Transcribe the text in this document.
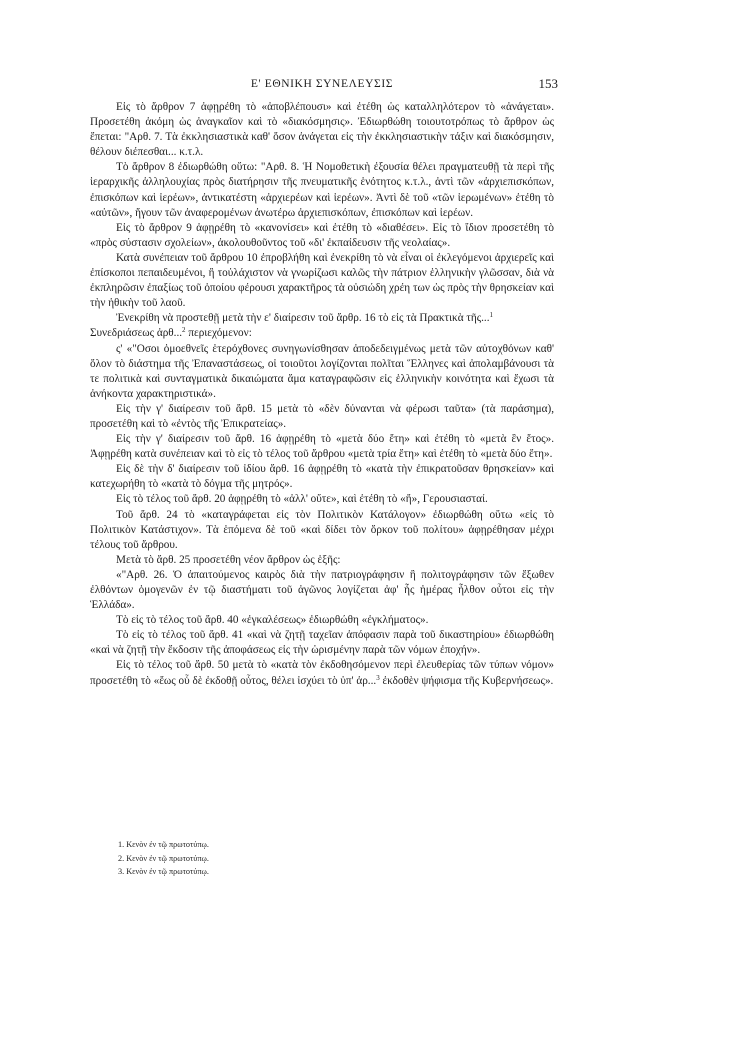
Ε' ΕΘΝΙΚΗ ΣΥΝΕΛΕΥΣΙΣ	153

Εἰς τὸ ἄρθρον 7 ἀφῃρέθη τὸ «ἀποβλέπουσι» καὶ ἐτέθη ὡς καταλληλότερον τὸ «ἀνάγεται». Προσετέθη ἀκόμη ὡς ἀναγκαῖον καὶ τὸ «διακόσμησις». Ἐδιωρθώθη τοιουτοτρόπως τὸ ἄρθρον ὡς ἕπεται: "Αρθ. 7. Τὰ ἐκκλησιαστικὰ καθ' ὅσον ἀνάγεται εἰς τὴν ἐκκλησιαστικὴν τάξιν καὶ διακόσμησιν, θέλουν διέπεσθαι... κ.τ.λ.

Τὸ ἄρθρον 8 ἐδιωρθώθη οὕτω: "Αρθ. 8. Ἡ Νομοθετικὴ ἐξουσία θέλει πραγματευθῇ τὰ περὶ τῆς ἱεραρχικῆς ἀλληλουχίας πρὸς διατήρησιν τῆς πνευματικῆς ἑνότητος κ.τ.λ., ἀντὶ τῶν «ἀρχιεπισκόπων, ἐπισκόπων καὶ ἱερέων», ἀντικατέστη «ἀρχιερέων καὶ ἱερέων». Ἀντὶ δὲ τοῦ «τῶν ἱερωμένων» ἐτέθη τὸ «αὐτῶν», ἤγουν τῶν ἀναφερομένων ἀνωτέρω ἀρχιεπισκόπων, ἐπισκόπων καὶ ἱερέων.

Εἰς τὸ ἄρθρον 9 ἀφῃρέθη τὸ «κανονίσει» καὶ ἐτέθη τὸ «διαθέσει». Εἰς τὸ ἴδιον προσετέθη τὸ «πρὸς σύστασιν σχολείων», ἀκολουθοῦντος τοῦ «δι' ἐκπαίδευσιν τῆς νεολαίας».

Κατὰ συνέπειαν τοῦ ἄρθρου 10 ἐπροβλήθη καὶ ἐνεκρίθη τὸ νὰ εἶναι οἱ ἐκλεγόμενοι ἀρχιερεῖς καὶ ἐπίσκοποι πεπαιδευμένοι, ἢ τοὐλάχιστον νὰ γνωρίζωσι καλῶς τὴν πάτριον ἑλληνικὴν γλῶσσαν, διὰ νὰ ἐκπληρῶσιν ἐπαξίως τοῦ ὁποίου φέρουσι χαρακτῆρος τὰ οὐσιώδη χρέη των ὡς πρὸς τὴν θρησκείαν καὶ τὴν ἠθικὴν τοῦ λαοῦ.

Ἐνεκρίθη νὰ προστεθῇ μετὰ τὴν ε' διαίρεσιν τοῦ ἄρθρ. 16 τὸ εἰς τὰ Πρακτικὰ τῆς...$^1$
Συνεδριάσεως ἀρθ...$^2$ περιεχόμενον:

ς' «"Οσοι ὁμοεθνεῖς ἑτερόχθονες συνηγωνίσθησαν ἀποδεδειγμένως μετὰ τῶν αὐτοχθόνων καθ' ὅλον τὸ διάστημα τῆς Ἐπαναστάσεως, οἱ τοιοῦτοι λογίζονται πολῖται Ἕλληνες καὶ ἀπολαμβάνουσι τὰ τε πολιτικὰ καὶ συνταγματικὰ δικαιώματα ἅμα καταγραφῶσιν εἰς ἑλληνικὴν κοινότητα καὶ ἔχωσι τὰ ἀνήκοντα χαρακτηριστικά».

Εἰς τὴν γ' διαίρεσιν τοῦ ἄρθ. 15 μετὰ τὸ «δὲν δύνανται νὰ φέρωσι ταῦτα» (τὰ παράσημα), προσετέθη καὶ τὸ «ἐντὸς τῆς Ἐπικρατείας».

Εἰς τὴν γ' διαίρεσιν τοῦ ἄρθ. 16 ἀφῃρέθη τὸ «μετὰ δύο ἔτη» καὶ ἐτέθη τὸ «μετὰ ἓν ἔτος». Ἀφῃρέθη κατὰ συνέπειαν καὶ τὸ εἰς τὸ τέλος τοῦ ἄρθρου «μετὰ τρία ἔτη» καὶ ἐτέθη τὸ «μετὰ δύο ἔτη».

Εἰς δὲ τὴν δ' διαίρεσιν τοῦ ἰδίου ἄρθ. 16 ἀφῃρέθη τὸ «κατὰ τὴν ἐπικρατοῦσαν θρησκείαν» καὶ κατεχωρήθη τὸ «κατὰ τὸ δόγμα τῆς μητρός».

Εἰς τὸ τέλος τοῦ ἄρθ. 20 ἀφῃρέθη τὸ «ἀλλ' οὔτε», καὶ ἐτέθη τὸ «ἤ», Γερουσιασταί.

Τοῦ ἄρθ. 24 τὸ «καταγράφεται εἰς τὸν Πολιτικὸν Κατάλογον» ἐδιωρθώθη οὕτω «εἰς τὸ Πολιτικὸν Κατάστιχον». Τὰ ἑπόμενα δὲ τοῦ «καὶ δίδει τὸν ὅρκον τοῦ πολίτου» ἀφῃρέθησαν μέχρι τέλους τοῦ ἄρθρου.

Μετὰ τὸ ἄρθ. 25 προσετέθη νέον ἄρθρον ὡς ἑξῆς:

«"Αρθ. 26. Ὁ ἀπαιτούμενος καιρὸς διὰ τὴν πατριογράφησιν ἢ πολιτογράφησιν τῶν ἔξωθεν ἐλθόντων ὁμογενῶν ἐν τῷ διαστήματι τοῦ ἀγῶνος λογίζεται ἀφ' ἧς ἡμέρας ἦλθον οὗτοι εἰς τὴν Ἑλλάδα».

Τὸ εἰς τὸ τέλος τοῦ ἄρθ. 40 «ἐγκαλέσεως» ἐδιωρθώθη «ἐγκλήματος».

Τὸ εἰς τὸ τέλος τοῦ ἄρθ. 41 «καὶ νὰ ζητῇ ταχεῖαν ἀπόφασιν παρὰ τοῦ δικαστηρίου» ἐδιωρθώθη «καὶ νὰ ζητῇ τὴν ἔκδοσιν τῆς ἀποφάσεως εἰς τὴν ὡρισμένην παρὰ τῶν νόμων ἐποχήν».

Εἰς τὸ τέλος τοῦ ἄρθ. 50 μετὰ τὸ «κατὰ τὸν ἐκδοθησόμενον περὶ ἐλευθερίας τῶν τύπων νόμον» προσετέθη τὸ «ἕως οὗ δὲ ἐκδοθῇ οὗτος, θέλει ἰσχύει τὸ ὑπ' ἀρ...$^3$ ἐκδοθὲν ψήφισμα τῆς Κυβερνήσεως».

1. Κενὸν ἐν τῷ πρωτοτύπῳ.
2. Κενὸν ἐν τῷ πρωτοτύπῳ.
3. Κενὸν ἐν τῷ πρωτοτύπῳ.
